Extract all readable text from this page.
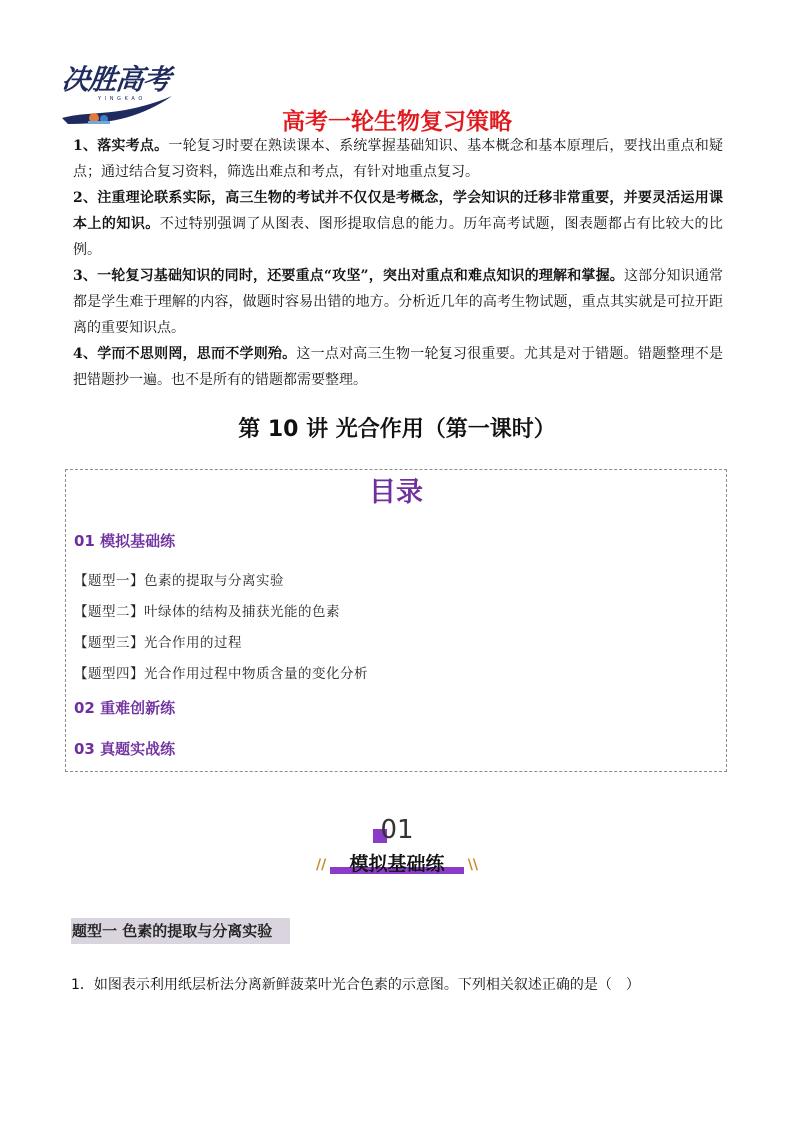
决胜高考
Y I N G K A O
高考一轮生物复习策略

1、落实考点。一轮复习时要在熟读课本、系统掌握基础知识、基本概念和基本原理后，要找出重点和疑点；通过结合复习资料，筛选出难点和考点，有针对地重点复习。

2、注重理论联系实际，高三生物的考试并不仅仅是考概念，学会知识的迁移非常重要，并要灵活运用课本上的知识。不过特别强调了从图表、图形提取信息的能力。历年高考试题，图表题都占有比较大的比例。

3、一轮复习基础知识的同时，还要重点“攻坚”，突出对重点和难点知识的理解和掌握。这部分知识通常都是学生难于理解的内容，做题时容易出错的地方。分析近几年的高考生物试题，重点其实就是可拉开距离的重要知识点。

4、学而不思则罔，思而不学则殆。这一点对高三生物一轮复习很重要。尤其是对于错题。错题整理不是把错题抄一遍。也不是所有的错题都需要整理。

第 10 讲 光合作用（第一课时）
目录
01 模拟基础练
【题型一】色素的提取与分离实验
【题型二】叶绿体的结构及捕获光能的色素
【题型三】光合作用的过程
【题型四】光合作用过程中物质含量的变化分析
02 重难创新练
03 真题实战练
01
//	模拟基础练	\\
题型一 色素的提取与分离实验
1．如图表示利用纸层析法分离新鲜菠菜叶光合色素的示意图。下列相关叙述正确的是（　）
